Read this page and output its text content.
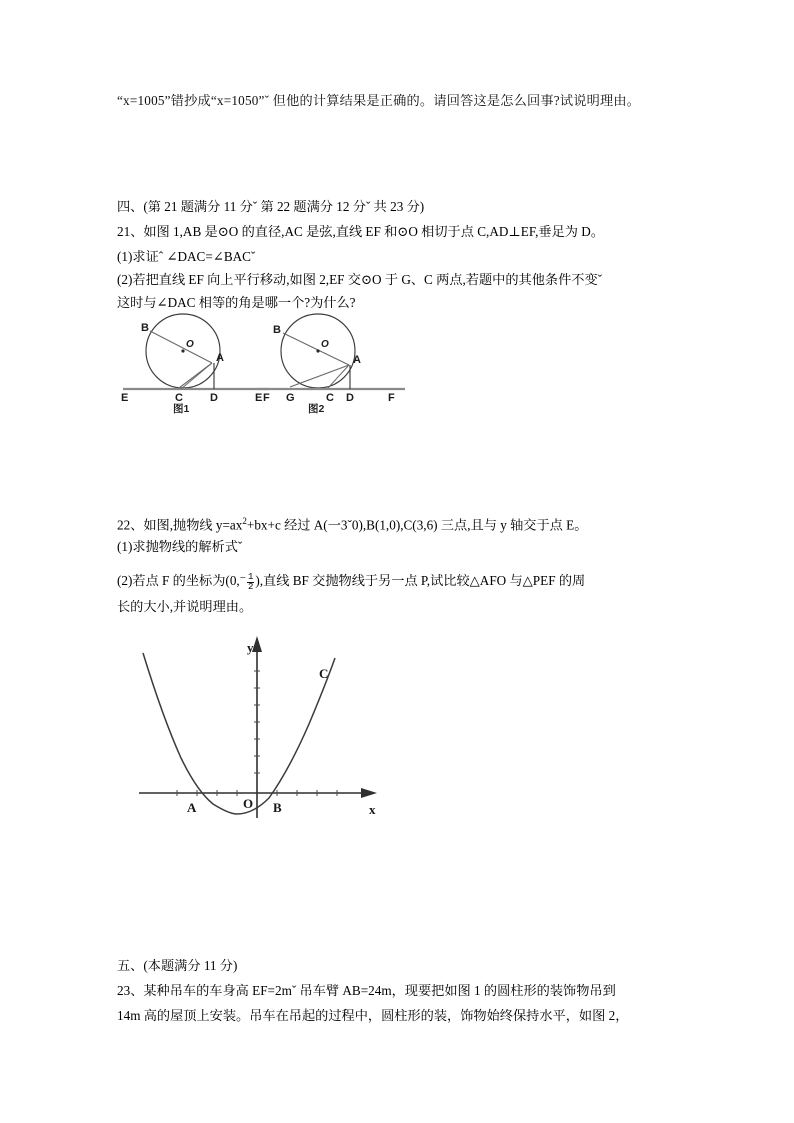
“x=1005”错抄成“x=1050”ˇ 但他的计算结果是正确的。请回答这是怎么回事?试说明理由。
四、(第 21 题满分 11 分ˇ 第 22 题满分 12 分ˇ 共 23 分)
21、如图 1,AB 是⊙O 的直径,AC 是弦,直线 EF 和⊙O 相切于点 C,AD⊥EF,垂足为 D。
(1)求证ˆ ∠DAC=∠BACˇ
(2)若把直线 EF 向上平行移动,如图 2,EF 交⊙O 于 G、C 两点,若题中的其他条件不变ˇ
这时与∠DAC 相等的角是哪一个?为什么?
B
O
A
E	C D	F
图1
B
O
A
E G	C D	F
图2
22、如图,抛物线 $y=ax^2+bx+c$ 经过 A(一3ˇ0),B(1,0),C(3,6) 三点,且与 y 轴交于点 E。
(1)求抛物线的解析式ˇ
(2)若点 F 的坐标为($0,^- \frac{1}{2}$ ),直线 BF 交抛物线于另一点 P,试比较△AFO 与△PEF 的周
长的大小,并说明理由。
y
x
O
A	B
C
五、(本题满分 11 分)
23、某种吊车的车身高 EF=2mˇ 吊车臂 AB=24m，现要把如图 1 的圆柱形的装饰物吊到
14m 高的屋顶上安装。吊车在吊起的过程中，圆柱形的装，饰物始终保持水平，如图 2，
